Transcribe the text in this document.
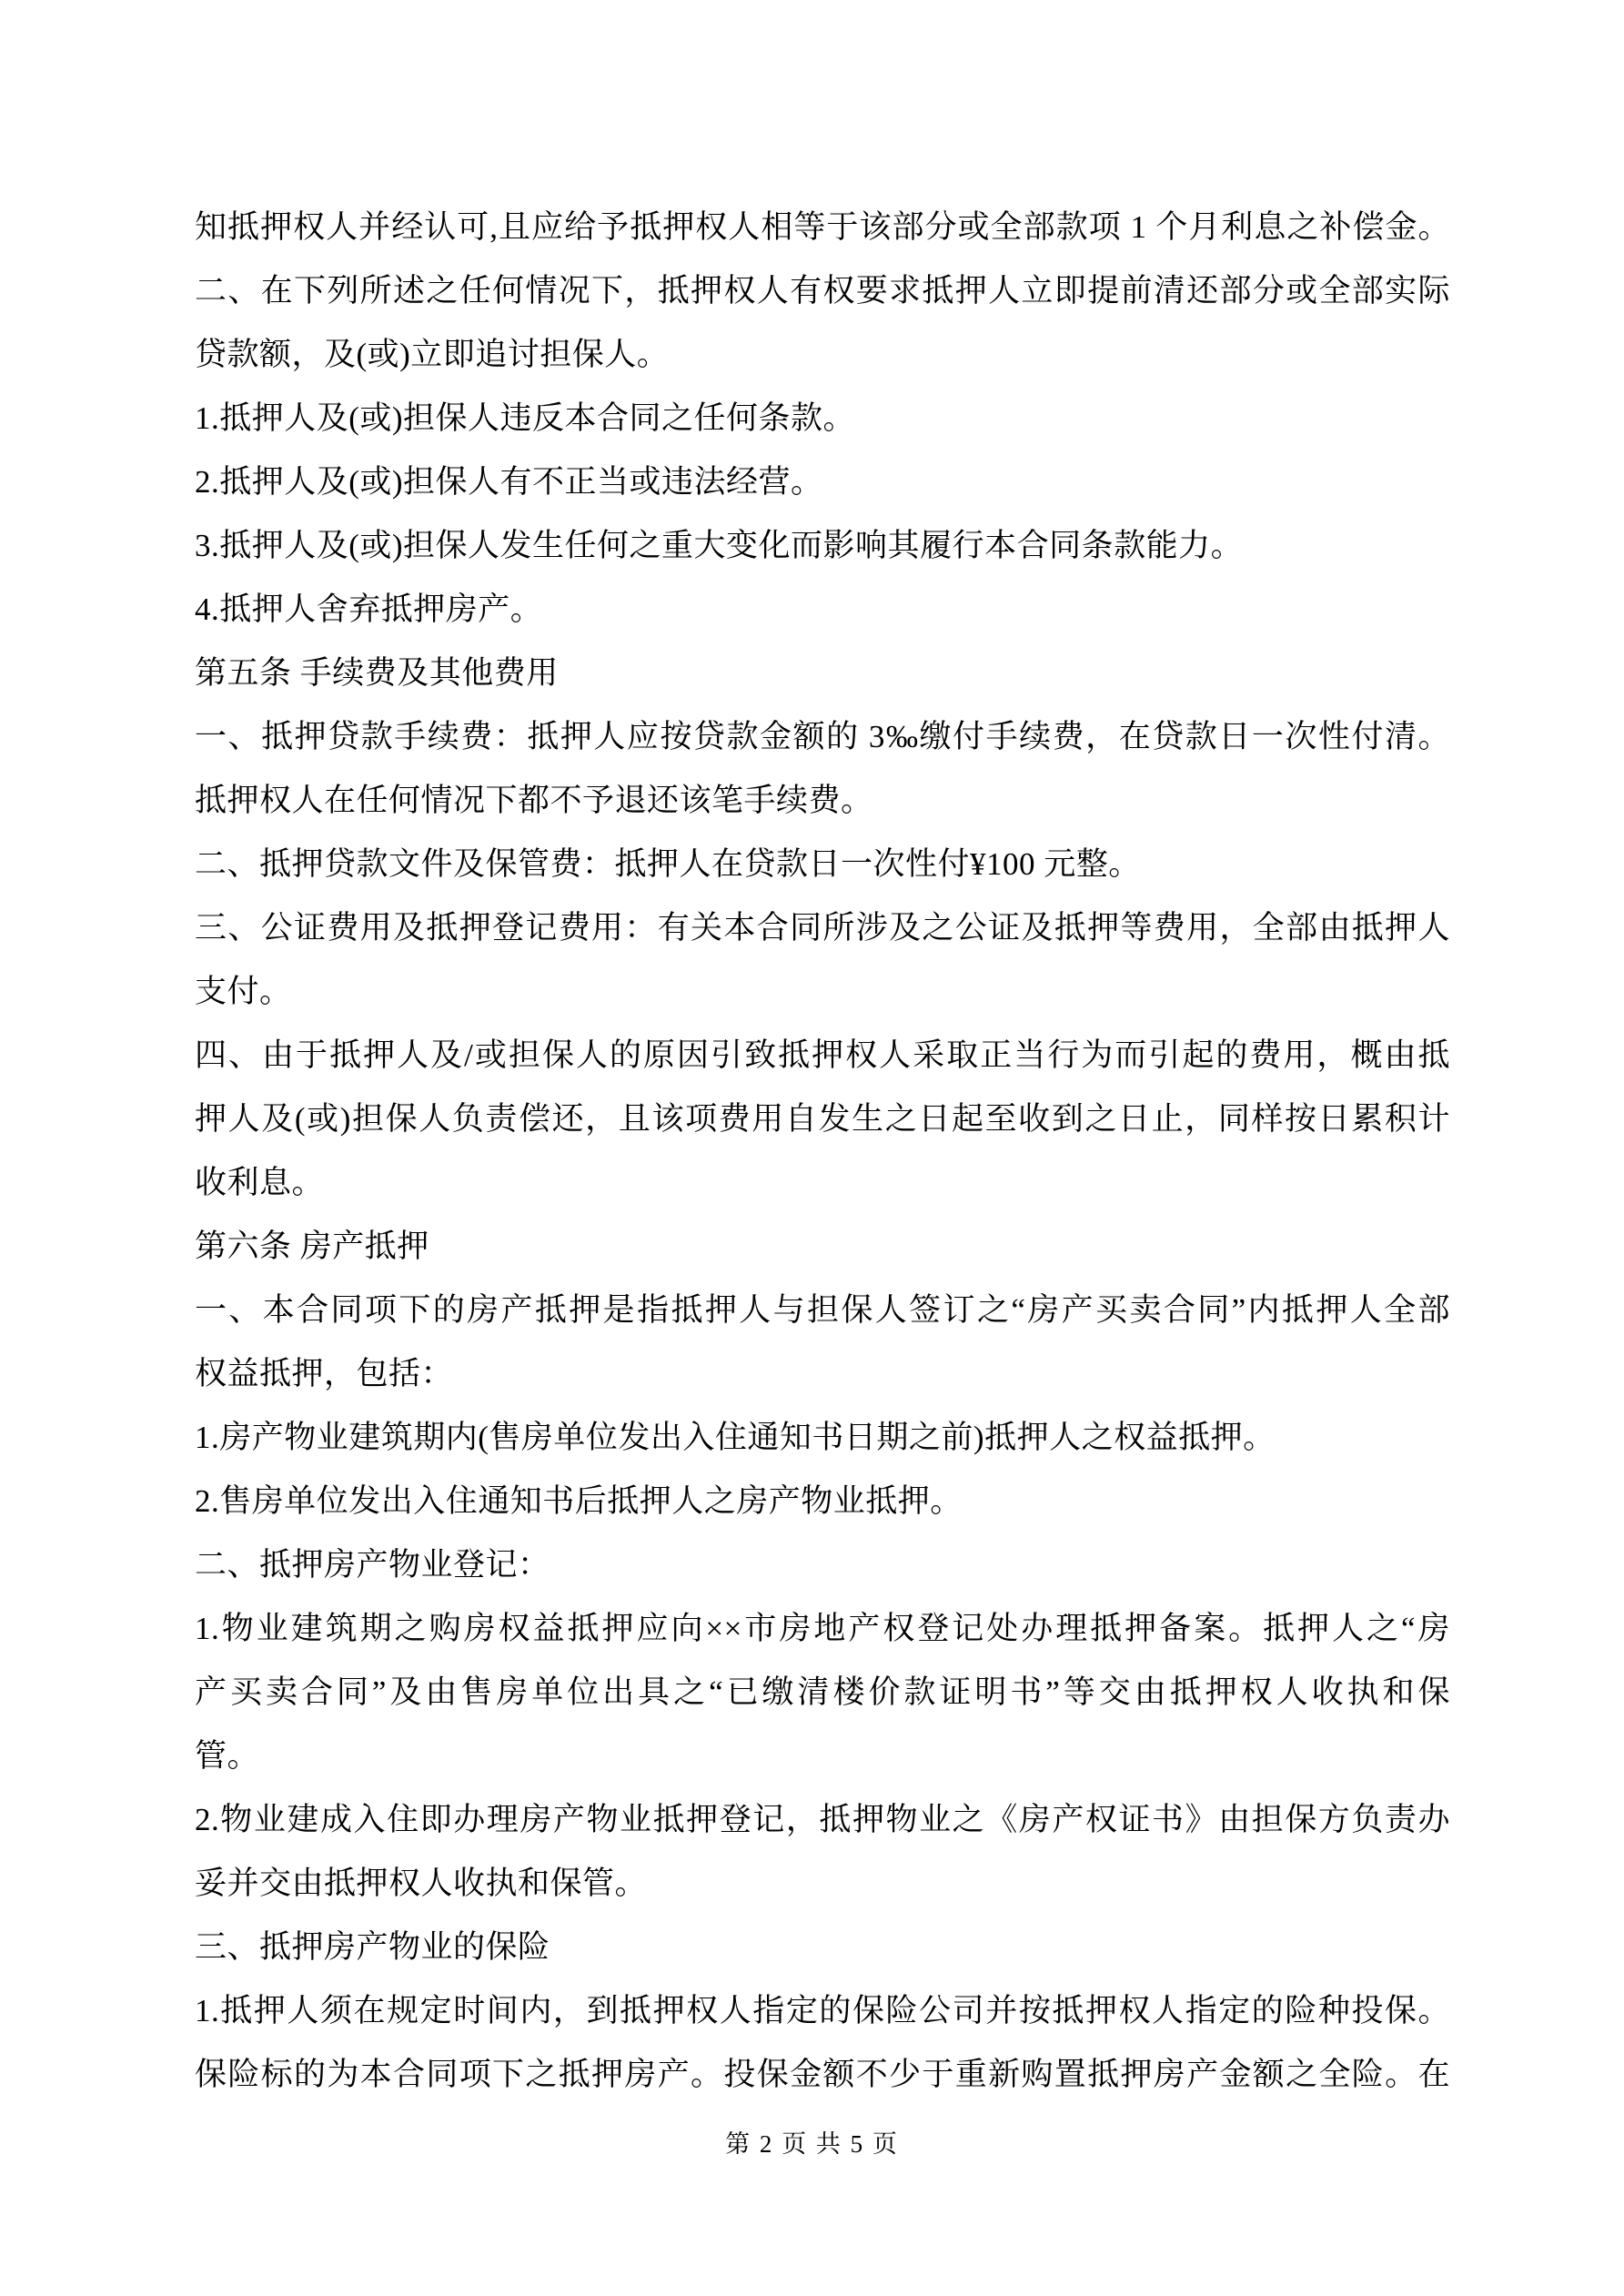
知抵押权人并经认可,且应给予抵押权人相等于该部分或全部款项 1 个月利息之补偿金。
二、在下列所述之任何情况下，抵押权人有权要求抵押人立即提前清还部分或全部实际
贷款额，及(或)立即追讨担保人。
1.抵押人及(或)担保人违反本合同之任何条款。
2.抵押人及(或)担保人有不正当或违法经营。
3.抵押人及(或)担保人发生任何之重大变化而影响其履行本合同条款能力。
4.抵押人舍弃抵押房产。
第五条 手续费及其他费用
一、抵押贷款手续费：抵押人应按贷款金额的 3‰缴付手续费，在贷款日一次性付清。
抵押权人在任何情况下都不予退还该笔手续费。
二、抵押贷款文件及保管费：抵押人在贷款日一次性付¥100 元整。
三、公证费用及抵押登记费用：有关本合同所涉及之公证及抵押等费用，全部由抵押人
支付。
四、由于抵押人及/或担保人的原因引致抵押权人采取正当行为而引起的费用，概由抵
押人及(或)担保人负责偿还，且该项费用自发生之日起至收到之日止，同样按日累积计
收利息。
第六条 房产抵押
一、本合同项下的房产抵押是指抵押人与担保人签订之“房产买卖合同”内抵押人全部
权益抵押，包括：
1.房产物业建筑期内(售房单位发出入住通知书日期之前)抵押人之权益抵押。
2.售房单位发出入住通知书后抵押人之房产物业抵押。
二、抵押房产物业登记：
1.物业建筑期之购房权益抵押应向××市房地产权登记处办理抵押备案。抵押人之“房
产买卖合同”及由售房单位出具之“已缴清楼价款证明书”等交由抵押权人收执和保
管。
2.物业建成入住即办理房产物业抵押登记，抵押物业之《房产权证书》由担保方负责办
妥并交由抵押权人收执和保管。
三、抵押房产物业的保险
1.抵押人须在规定时间内，到抵押权人指定的保险公司并按抵押权人指定的险种投保。
保险标的为本合同项下之抵押房产。投保金额不少于重新购置抵押房产金额之全险。在
第 2 页 共 5 页
